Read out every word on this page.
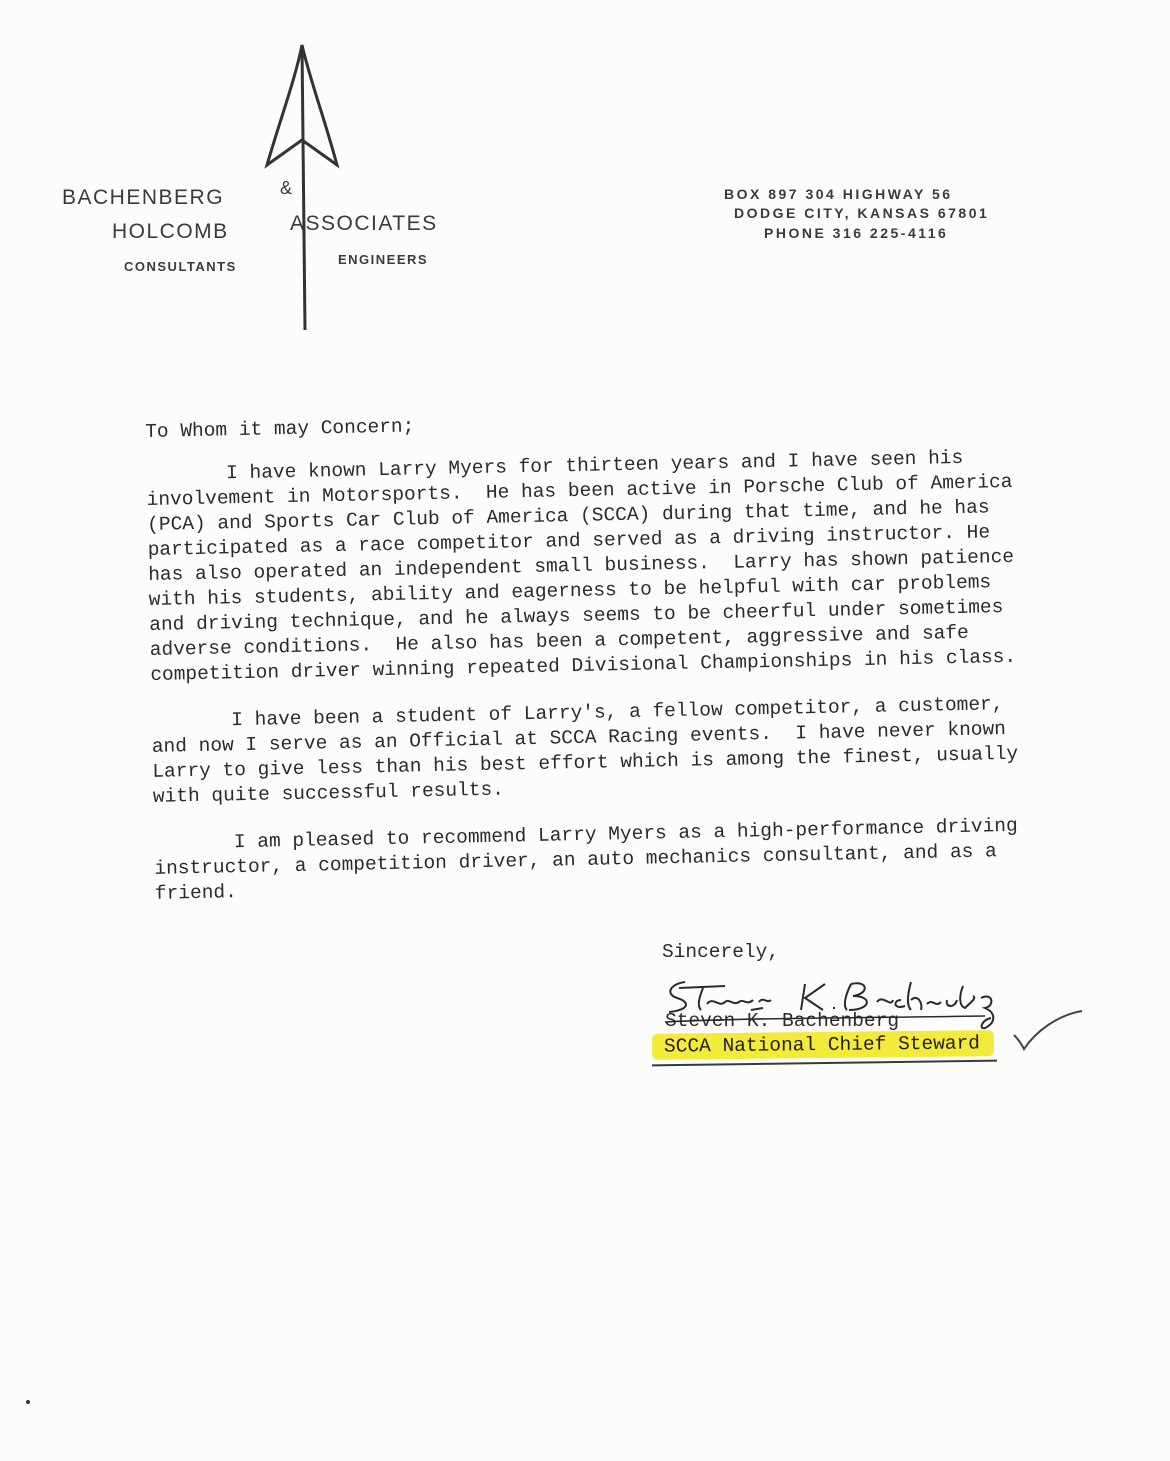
BACHENBERG	&
HOLCOMB	ASSOCIATES
CONSULTANTS	ENGINEERS
BOX 897 304 HIGHWAY 56
DODGE CITY, KANSAS 67801
PHONE 316 225-4116

To Whom it may Concern;

I have known Larry Myers for thirteen years and I have seen his involvement in Motorsports.  He has been active in Porsche Club of America (PCA) and Sports Car Club of America (SCCA) during that time, and he has participated as a race competitor and served as a driving instructor. He has also operated an independent small business.  Larry has shown patience with his students, ability and eagerness to be helpful with car problems and driving technique, and he always seems to be cheerful under sometimes adverse conditions.  He also has been a competent, aggressive and safe competition driver winning repeated Divisional Championships in his class.

I have been a student of Larry's, a fellow competitor, a customer, and now I serve as an Official at SCCA Racing events.  I have never known Larry to give less than his best effort which is among the finest, usually with quite successful results.

I am pleased to recommend Larry Myers as a high-performance driving instructor, a competition driver, an auto mechanics consultant, and as a friend.

Sincerely,
Steven K. Bachenberg
SCCA National Chief Steward
